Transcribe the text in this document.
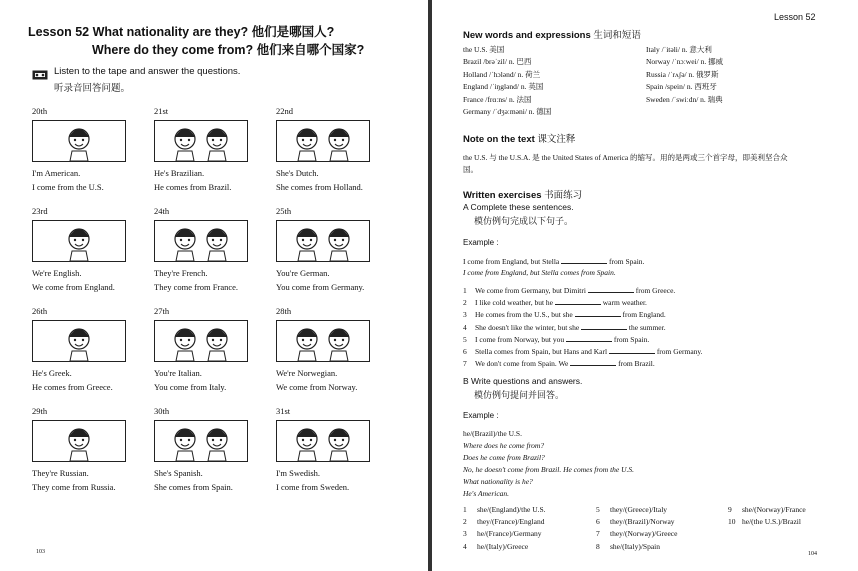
Lesson 52 What nationality are they? 他们是哪国人?
Where do they come from? 他们来自哪个国家?
Listen to the tape and answer the questions.
听录音回答问题。
20th
I'm American.
I come from the U.S.
21st
He's Brazilian.
He comes from Brazil.
22nd
She's Dutch.
She comes from Holland.
23rd
We're English.
We come from England.
24th
They're French.
They come from France.
25th
You're German.
You come from Germany.
26th
He's Greek.
He comes from Greece.
27th
You're Italian.
You come from Italy.
28th
We're Norwegian.
We come from Norway.
29th
They're Russian.
They come from Russia.
30th
She's Spanish.
She comes from Spain.
31st
I'm Swedish.
I come from Sweden.
103
Lesson 52
New words and expressions 生词和短语
the U.S. 美国
Brazil /brəˈzil/ n. 巴西
Holland /ˈhɔlənd/ n. 荷兰
England /ˈiŋglənd/ n. 英国
France /frɑːns/ n. 法国
Germany /ˈdʒəːməni/ n. 德国
Italy /ˈitəli/ n. 意大利
Norway /ˈnɔːwei/ n. 挪威
Russia /ˈrʌʃə/ n. 俄罗斯
Spain /spein/ n. 西班牙
Sweden /ˈswiːdn/ n. 瑞典
Note on the text 课文注释
the U.S. 与 the U.S.A. 是 the United States of America 的缩写。用的是两或三个首字母，即美利坚合众
国。
Written exercises 书面练习
A Complete these sentences.
模仿例句完成以下句子。
Example :
I come from England, but Stella	from Spain.
I come from England, but Stella comes from Spain.
1 We come from Germany, but Dimitri	from Greece.
2 I like cold weather, but he	warm weather.
3 He comes from the U.S., but she	from England.
4 She doesn't like the winter, but she	the summer.
5 I come from Norway, but you	from Spain.
6 Stella comes from Spain, but Hans and Karl	from Germany.
7 We don't come from Spain. We	from Brazil.
B Write questions and answers.
模仿例句提问并回答。
Example :
he/(Brazil)/the U.S.
Where does he come from?
Does he come from Brazil?
No, he doesn't come from Brazil. He comes from the U.S.
What nationality is he?
He's American.
1 she/(England)/the U.S.
2 they/(France)/England
3 he/(France)/Germany
4 he/(Italy)/Greece
5 they/(Greece)/Italy
6 they/(Brazil)/Norway
7 they/(Norway)/Greece
8 she/(Italy)/Spain
9 she/(Norway)/France
10 he/(the U.S.)/Brazil
104
